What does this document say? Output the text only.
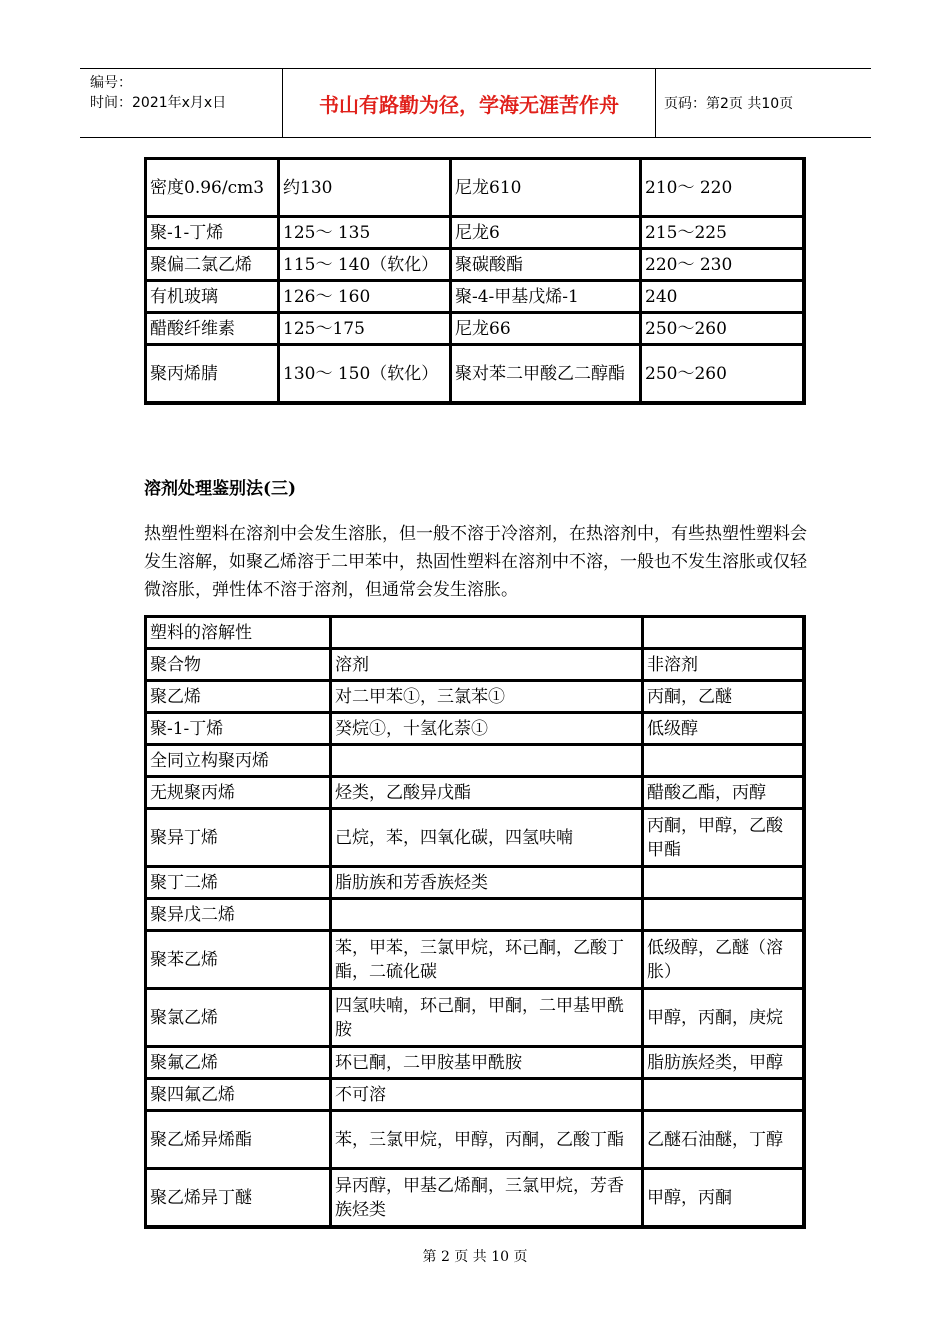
编号：
时间：2021年x月x日	书山有路勤为径，学海无涯苦作舟	页码：第2页 共10页
密度0.96/cm3	约130	尼龙610	210～ 220
聚-1-丁烯	125～ 135	尼龙6	215～225
聚偏二氯乙烯	115～ 140（软化）	聚碳酸酯	220～ 230
有机玻璃	126～ 160	聚-4-甲基戊烯-1	240
醋酸纤维素	125～175	尼龙66	250～260
聚丙烯腈	130～ 150（软化）	聚对苯二甲酸乙二醇酯	250～260
溶剂处理鉴别法(三)
热塑性塑料在溶剂中会发生溶胀，但一般不溶于冷溶剂，在热溶剂中，有些热塑性塑料会发生溶解，如聚乙烯溶于二甲苯中，热固性塑料在溶剂中不溶，一般也不发生溶胀或仅轻微溶胀，弹性体不溶于溶剂，但通常会发生溶胀。
塑料的溶解性		
聚合物	溶剂	非溶剂
聚乙烯	对二甲苯①，三氯苯①	丙酮，乙醚
聚-1-丁烯	癸烷①，十氢化萘①	低级醇
全同立构聚丙烯		
无规聚丙烯	烃类，乙酸异戊酯	醋酸乙酯，丙醇
聚异丁烯	己烷，苯，四氧化碳，四氢呋喃	丙酮，甲醇，乙酸甲酯
聚丁二烯	脂肪族和芳香族烃类	
聚异戊二烯		
聚苯乙烯	苯，甲苯，三氯甲烷，环己酮，乙酸丁酯，二硫化碳	低级醇，乙醚（溶胀）
聚氯乙烯	四氢呋喃，环己酮，甲酮，二甲基甲酰胺	甲醇，丙酮，庚烷
聚氟乙烯	环已酮，二甲胺基甲酰胺	脂肪族烃类，甲醇
聚四氟乙烯	不可溶	
聚乙烯异烯酯	苯，三氯甲烷，甲醇，丙酮，乙酸丁酯	乙醚石油醚，丁醇
聚乙烯异丁醚	异丙醇，甲基乙烯酮，三氯甲烷，芳香族烃类	甲醇，丙酮
第 2 页 共 10 页
